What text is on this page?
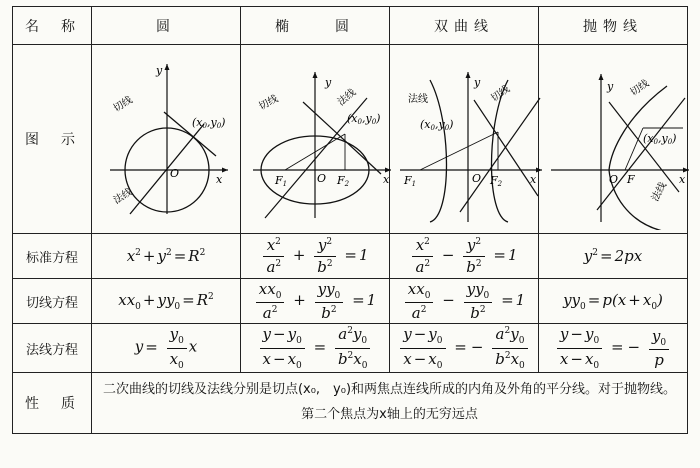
名　称	圆	椭　　圆	双曲线	抛物线
图　示	
O	x
y
切线
法线
(x0,y0)

O	x
y
F1	F2
切线	法线
(x0,y0)

O	x
y
F1	F2
法线	切线
(x0,y0)

O F	x
y 切线
法线
(x0,y0)

标准方程	$x^2 + y^2 = R^2$	$\frac{x^2}{a^2} + \frac{y^2}{b^2} = 1$	$\frac{x^2}{a^2} - \frac{y^2}{b^2} = 1$	$y^2 = 2px$
切线方程	$xx_0 + yy_0 = R^2$	$\frac{xx_0}{a^2} + \frac{yy_0}{b^2} = 1$	$\frac{xx_0}{a^2} - \frac{yy_0}{b^2} = 1$	$yy_0 = p(x + x_0)$
法线方程	$y = \frac{y_0}{x_0}$ x	$\frac{y - y_0}{x - x_0} = \frac{a^2y_0}{b^2x_0}$	$\frac{y - y_0}{x - x_0}$ = − $\frac{a^2y_0}{b^2x_0}$	$\frac{y - y_0}{x - x_0}$ = − $\frac{y_0}{p}$

性　质	二次曲线的切线及法线分别是切点(x₀,　y₀)和两焦点连线所成的内角及外角的平分线。对于抛物线。
第二个焦点为x轴上的无穷远点			
